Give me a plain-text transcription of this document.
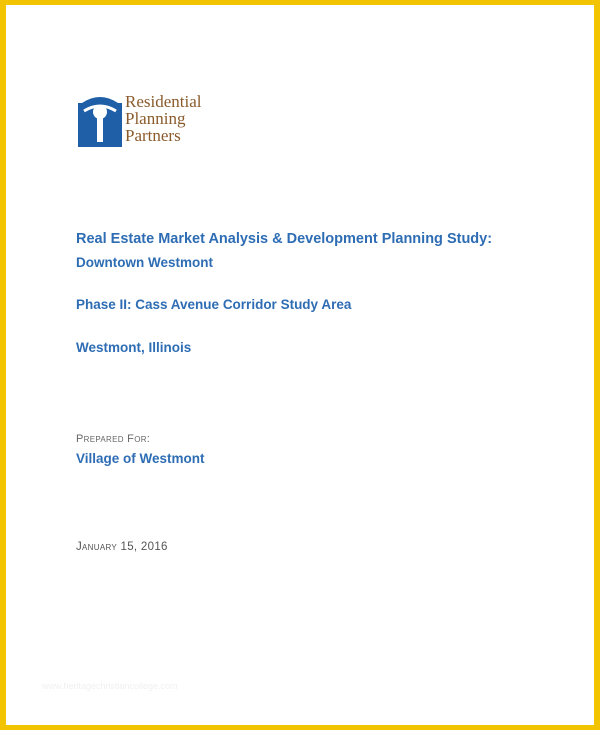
Residential
Planning
Partners
Real Estate Market Analysis & Development Planning Study:
Downtown Westmont
Phase II: Cass Avenue Corridor Study Area
Westmont, Illinois
Prepared For:
Village of Westmont
January 15, 2016
www.heritagechristiancollege.com
